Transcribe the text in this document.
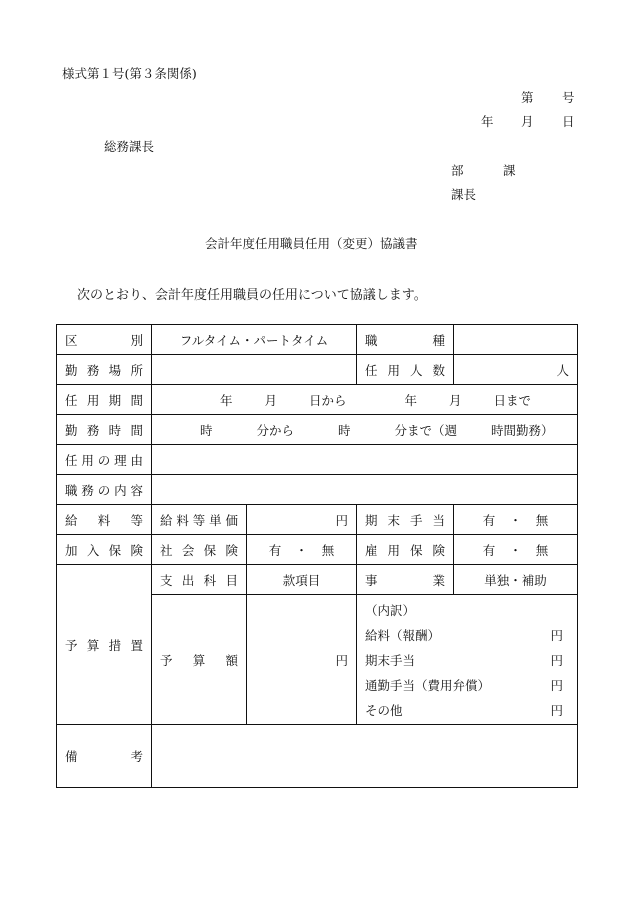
様式第１号(第３条関係)
第 号
年 月 日
総務課長
部	課
課長
会計年度任用職員任用（変更）協議書
次のとおり、会計年度任用職員の任用について協議します。
区	別	フルタイム・パートタイム	職	種

勤 務 場 所		任 用 人 数	人

任 用 期 間	年	月	日から	年	月	日まで

勤 務 時 間	時	分から	時	分まで（週	時間勤務）

任 用 の 理 由

職 務 の 内 容

給 料 等	給 料 等 単 価	円	期 末 手 当	有 ・ 無

加 入 保 険	社 会 保 険	有 ・ 無	雇 用 保 険	有 ・ 無

予 算 措 置

支 出 科 目	款項目	事	業	単独・補助

予 算 額	円	
（内訳）
給料（報酬）	円
期末手当	円
通勤手当（費用弁償）	円
その他	円

備	考
